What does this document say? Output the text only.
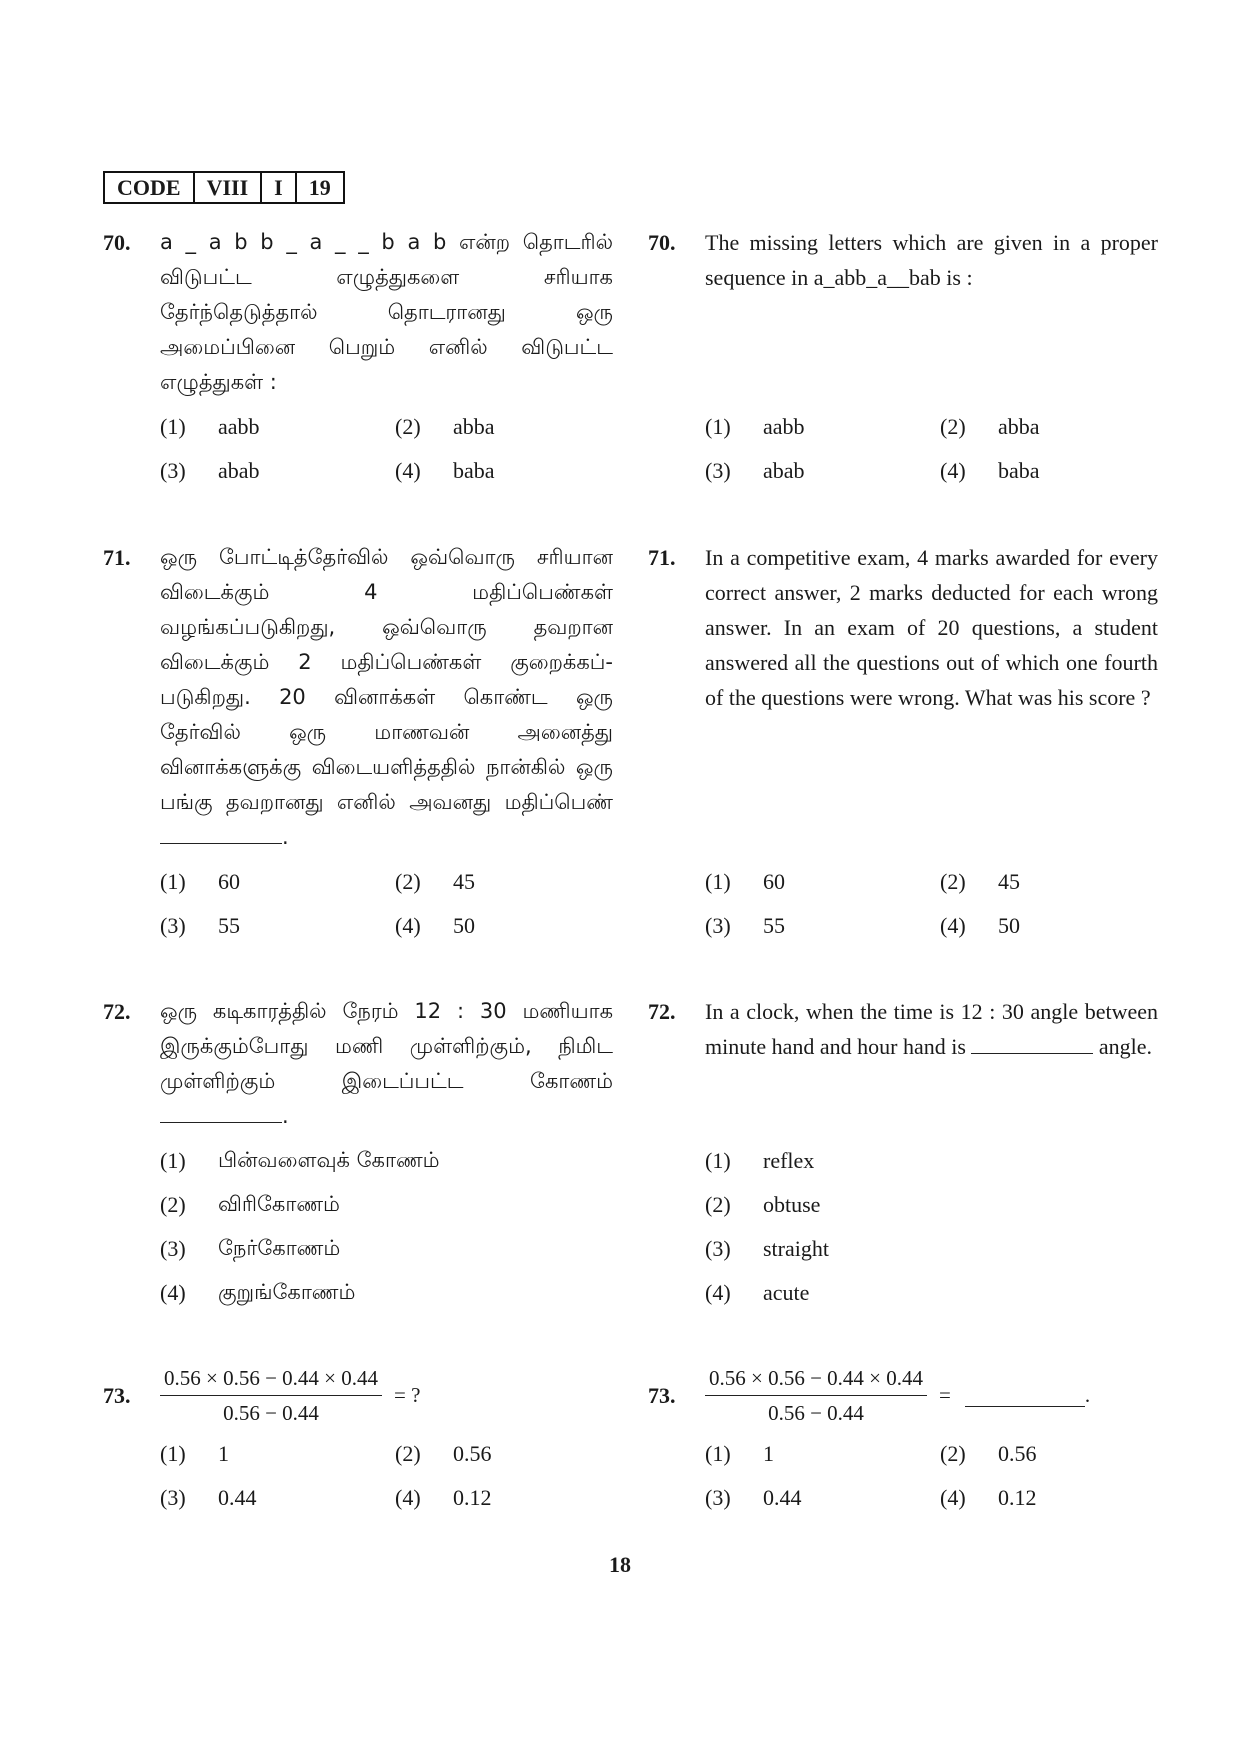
CODE	VIII	I	19
70. a _ a b b _ a _ _ b a b என்ற தொடரில் விடுபட்ட எழுத்துகளை சரியாக தேர்ந்தெடுத்தால் தொடரானது ஒரு அமைப்பினை பெறும் எனில் விடுபட்ட எழுத்துகள் :
(1)	aabb	(2)	abba
(3)	abab	(4)	baba
70. The missing letters which are given in a proper sequence in a_abb_a__bab is :
(1)	aabb	(2)	abba
(3)	abab	(4)	baba
71. ஒரு போட்டித்தேர்வில் ஒவ்வொரு சரியான விடைக்கும் 4 மதிப்பெண்கள் வழங்கப்படுகிறது, ஒவ்வொரு தவறான விடைக்கும் 2 மதிப்பெண்கள் குறைக்கப்-படுகிறது. 20 வினாக்கள் கொண்ட ஒரு தேர்வில் ஒரு மாணவன் அனைத்து வினாக்களுக்கு விடையளித்ததில் நான்கில் ஒரு பங்கு தவறானது எனில் அவனது மதிப்பெண் .
(1)	60	(2)	45
(3)	55	(4)	50
71. In a competitive exam, 4 marks awarded for every correct answer, 2 marks deducted for each wrong answer. In an exam of 20 questions, a student answered all the questions out of which one fourth of the questions were wrong. What was his score ?
(1)	60	(2)	45
(3)	55	(4)	50
72. ஒரு கடிகாரத்தில் நேரம் 12 : 30 மணியாக இருக்கும்போது மணி முள்ளிற்கும், நிமிட முள்ளிற்கும் இடைப்பட்ட கோணம் .
(1)	பின்வளைவுக் கோணம்
(2)	விரிகோணம்
(3)	நேர்கோணம்
(4)	குறுங்கோணம்
72. In a clock, when the time is 12 : 30 angle between minute hand and hour hand is	angle.
(1)	reflex
(2)	obtuse
(3)	straight
(4)	acute
73. $\frac{0.56 \times 0.56 - 0.44 \times 0.44}{0.56 - 0.44}$ = ?
(1)	1	(2)	0.56
(3)	0.44	(4)	0.12
73. $\frac{0.56 \times 0.56 - 0.44 \times 0.44}{0.56 - 0.44}$ =	.
(1)	1	(2)	0.56
(3)	0.44	(4)	0.12
18
